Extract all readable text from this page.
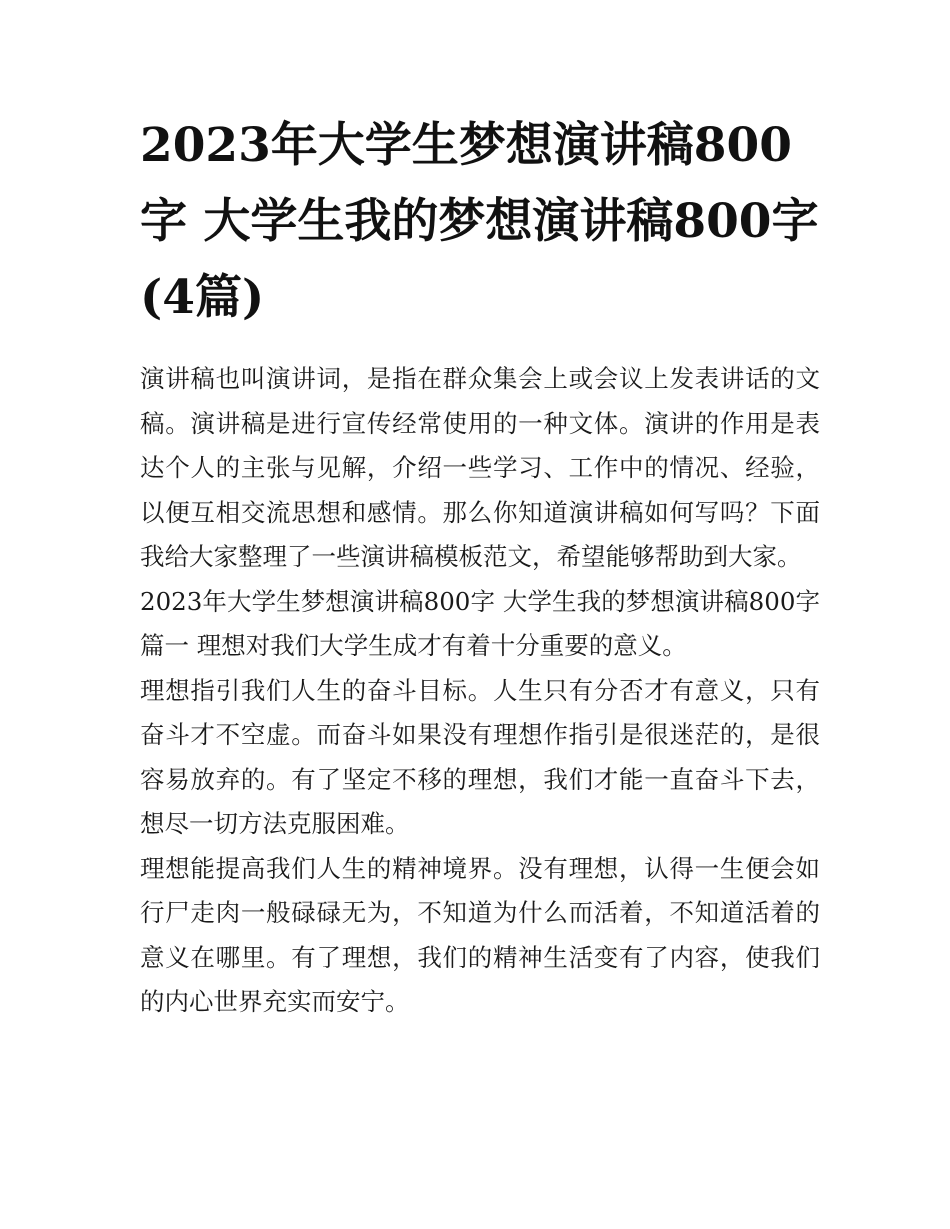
2023年大学生梦想演讲稿800字 大学生我的梦想演讲稿800字(4篇)

演讲稿也叫演讲词，是指在群众集会上或会议上发表讲话的文稿。演讲稿是进行宣传经常使用的一种文体。演讲的作用是表达个人的主张与见解，介绍一些学习、工作中的情况、经验，以便互相交流思想和感情。那么你知道演讲稿如何写吗？下面我给大家整理了一些演讲稿模板范文，希望能够帮助到大家。

2023年大学生梦想演讲稿800字 大学生我的梦想演讲稿800字篇一 理想对我们大学生成才有着十分重要的意义。

理想指引我们人生的奋斗目标。人生只有分否才有意义，只有奋斗才不空虚。而奋斗如果没有理想作指引是很迷茫的，是很容易放弃的。有了坚定不移的理想，我们才能一直奋斗下去，想尽一切方法克服困难。

理想能提高我们人生的精神境界。没有理想，认得一生便会如行尸走肉一般碌碌无为，不知道为什么而活着，不知道活着的意义在哪里。有了理想，我们的精神生活变有了内容，使我们的内心世界充实而安宁。
